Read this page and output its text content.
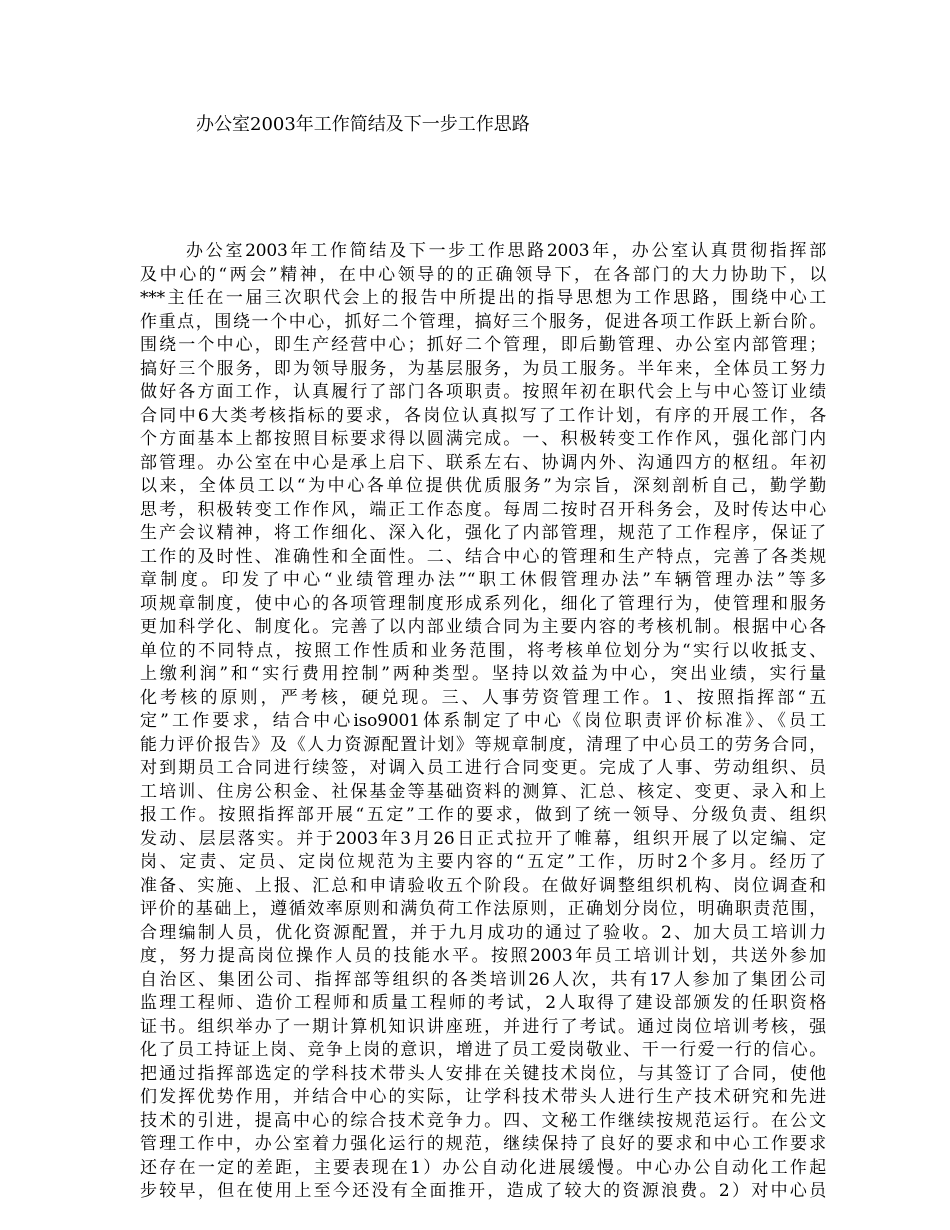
办公室2003年工作简结及下一步工作思路
办公室2003年工作简结及下一步工作思路2003年，办公室认真贯彻指挥部
及中心的“两会”精神，在中心领导的的正确领导下，在各部门的大力协助下，以
***主任在一届三次职代会上的报告中所提出的指导思想为工作思路，围绕中心工
作重点，围绕一个中心，抓好二个管理，搞好三个服务，促进各项工作跃上新台阶。
围绕一个中心，即生产经营中心；抓好二个管理，即后勤管理、办公室内部管理；
搞好三个服务，即为领导服务，为基层服务，为员工服务。半年来，全体员工努力
做好各方面工作，认真履行了部门各项职责。按照年初在职代会上与中心签订业绩
合同中6大类考核指标的要求，各岗位认真拟写了工作计划，有序的开展工作，各
个方面基本上都按照目标要求得以圆满完成。一、积极转变工作作风，强化部门内
部管理。办公室在中心是承上启下、联系左右、协调内外、沟通四方的枢纽。年初
以来，全体员工以“为中心各单位提供优质服务”为宗旨，深刻剖析自己，勤学勤
思考，积极转变工作作风，端正工作态度。每周二按时召开科务会，及时传达中心
生产会议精神，将工作细化、深入化，强化了内部管理，规范了工作程序，保证了
工作的及时性、准确性和全面性。二、结合中心的管理和生产特点，完善了各类规
章制度。印发了中心“业绩管理办法”“职工休假管理办法”车辆管理办法”等多
项规章制度，使中心的各项管理制度形成系列化，细化了管理行为，使管理和服务
更加科学化、制度化。完善了以内部业绩合同为主要内容的考核机制。根据中心各
单位的不同特点，按照工作性质和业务范围，将考核单位划分为“实行以收抵支、
上缴利润”和“实行费用控制”两种类型。坚持以效益为中心，突出业绩，实行量
化考核的原则，严考核，硬兑现。三、人事劳资管理工作。1、按照指挥部“五
定”工作要求，结合中心iso9001体系制定了中心《岗位职责评价标准》、《员工
能力评价报告》及《人力资源配置计划》等规章制度，清理了中心员工的劳务合同，
对到期员工合同进行续签，对调入员工进行合同变更。完成了人事、劳动组织、员
工培训、住房公积金、社保基金等基础资料的测算、汇总、核定、变更、录入和上
报工作。按照指挥部开展“五定”工作的要求，做到了统一领导、分级负责、组织
发动、层层落实。并于2003年3月26日正式拉开了帷幕，组织开展了以定编、定
岗、定责、定员、定岗位规范为主要内容的“五定”工作，历时2个多月。经历了
准备、实施、上报、汇总和申请验收五个阶段。在做好调整组织机构、岗位调查和
评价的基础上，遵循效率原则和满负荷工作法原则，正确划分岗位，明确职责范围，
合理编制人员，优化资源配置，并于九月成功的通过了验收。2、加大员工培训力
度，努力提高岗位操作人员的技能水平。按照2003年员工培训计划，共送外参加
自治区、集团公司、指挥部等组织的各类培训26人次，共有17人参加了集团公司
监理工程师、造价工程师和质量工程师的考试，2人取得了建设部颁发的任职资格
证书。组织举办了一期计算机知识讲座班，并进行了考试。通过岗位培训考核，强
化了员工持证上岗、竞争上岗的意识，增进了员工爱岗敬业、干一行爱一行的信心。
把通过指挥部选定的学科技术带头人安排在关键技术岗位，与其签订了合同，使他
们发挥优势作用，并结合中心的实际，让学科技术带头人进行生产技术研究和先进
技术的引进，提高中心的综合技术竞争力。四、文秘工作继续按规范运行。在公文
管理工作中，办公室着力强化运行的规范，继续保持了良好的要求和中心工作要求
还存在一定的差距，主要表现在1）办公自动化进展缓慢。中心办公自动化工作起
步较早，但在使用上至今还没有全面推开，造成了较大的资源浪费。2）对中心员
